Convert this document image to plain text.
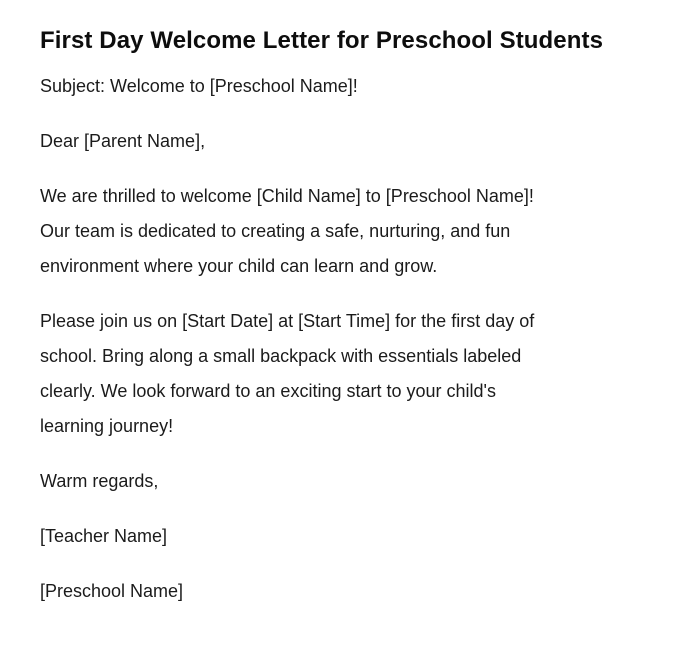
First Day Welcome Letter for Preschool Students

Subject: Welcome to [Preschool Name]!

Dear [Parent Name],

We are thrilled to welcome [Child Name] to [Preschool Name]!
Our team is dedicated to creating a safe, nurturing, and fun
environment where your child can learn and grow.

Please join us on [Start Date] at [Start Time] for the first day of
school. Bring along a small backpack with essentials labeled
clearly. We look forward to an exciting start to your child's
learning journey!

Warm regards,

[Teacher Name]

[Preschool Name]
